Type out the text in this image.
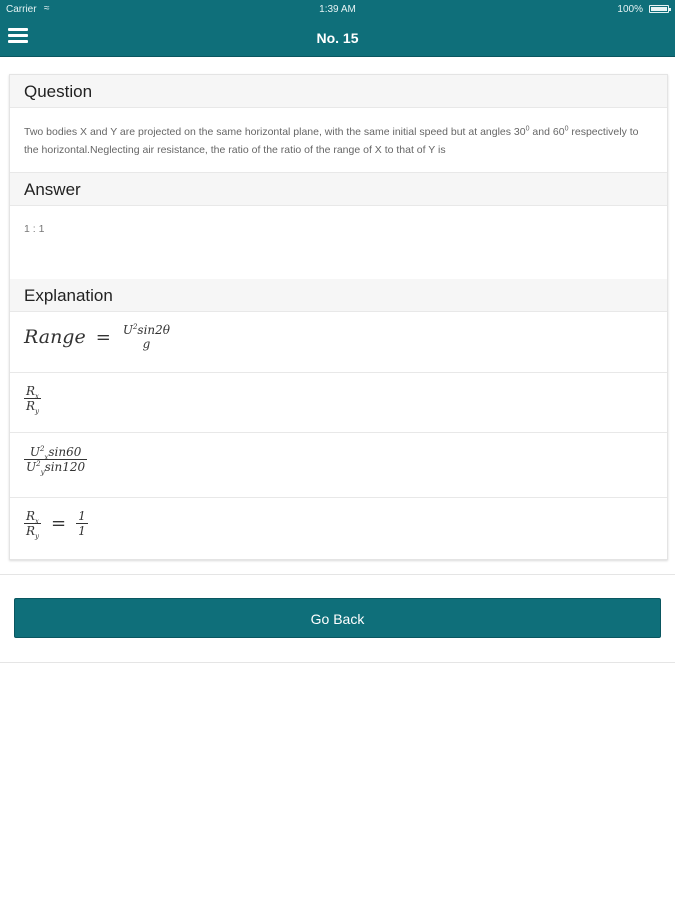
Carrier ≈	1:39 AM	100%
No. 15
Question
Two bodies X and Y are projected on the same horizontal plane, with the same initial speed but at angles $30^0$ and $60^0$ respectively to the horizontal.Neglecting air resistance, the ratio of the ratio of the range of X to that of Y is
Answer
1 : 1
Explanation
Range = $U^2\sin 2\theta$
g
$\frac{R_x}{R_y}$
$\frac{U^2_x\sin 60}{U^2_y\sin 120}$
$\frac{R_x}{R_y} = \frac{1}{1}$
Go Back
